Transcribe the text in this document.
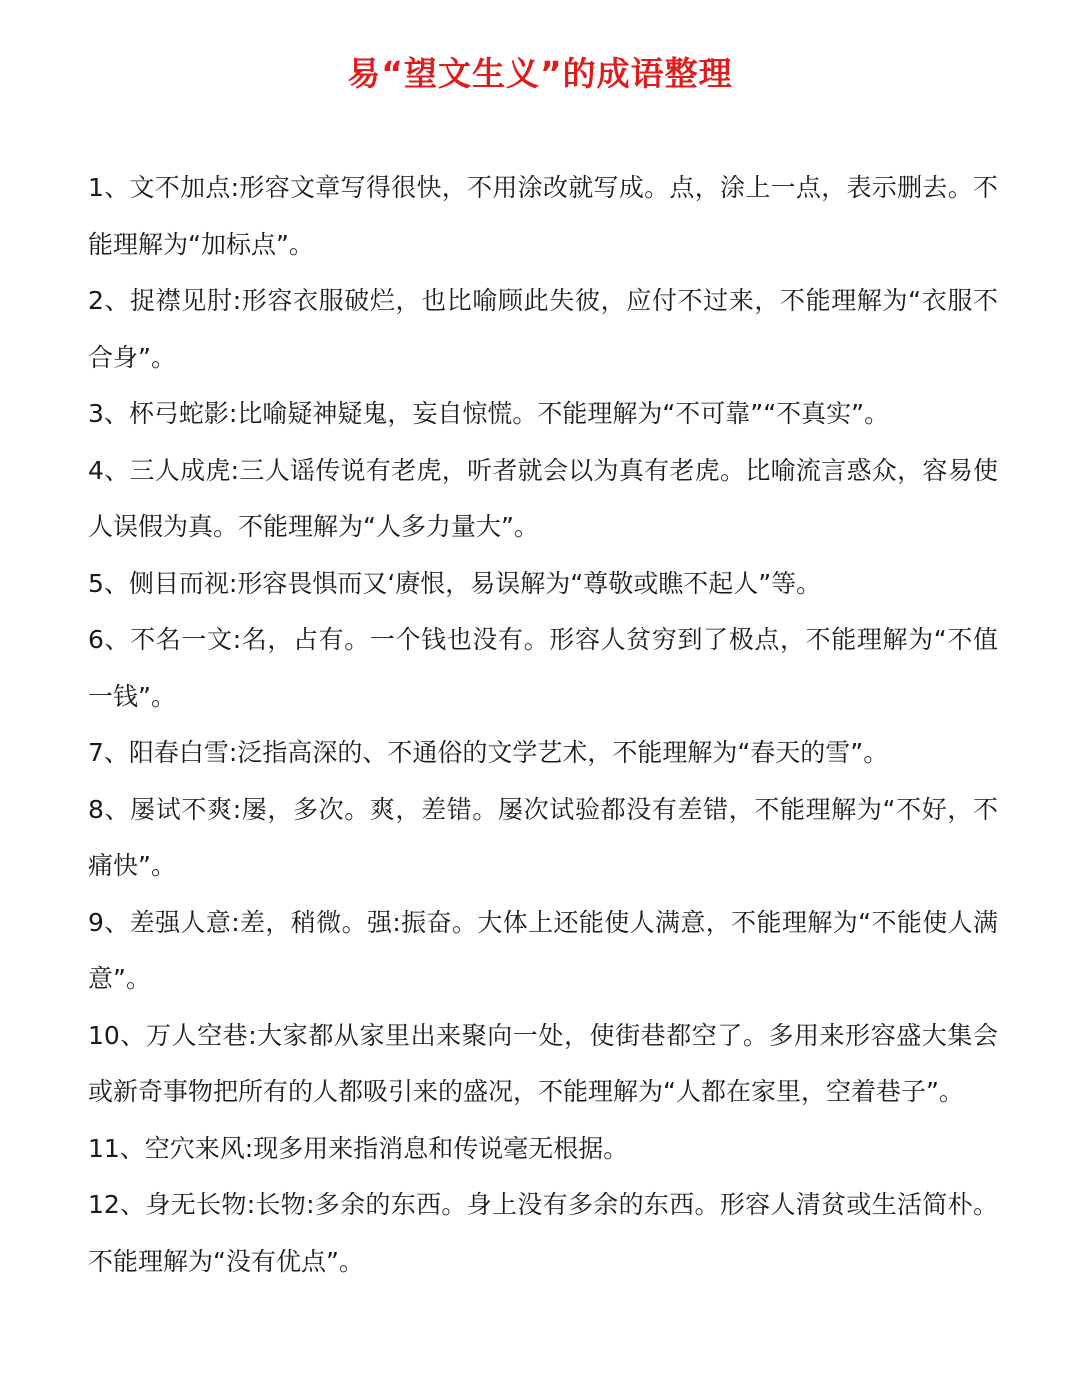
易“望文生义”的成语整理

1、文不加点:形容文章写得很快，不用涂改就写成。点，涂上一点，表示删去。不能理解为“加标点”。

2、捉襟见肘:形容衣服破烂，也比喻顾此失彼，应付不过来，不能理解为“衣服不合身”。

3、杯弓蛇影:比喻疑神疑鬼，妄自惊慌。不能理解为“不可靠”“不真实”。

4、三人成虎:三人谣传说有老虎，听者就会以为真有老虎。比喻流言惑众，容易使人误假为真。不能理解为“人多力量大”。

5、侧目而视:形容畏惧而又‘赓恨，易误解为“尊敬或瞧不起人”等。

6、不名一文:名，占有。一个钱也没有。形容人贫穷到了极点，不能理解为“不值一钱”。

7、阳春白雪:泛指高深的、不通俗的文学艺术，不能理解为“春天的雪”。

8、屡试不爽:屡，多次。爽，差错。屡次试验都没有差错，不能理解为“不好，不痛快”。

9、差强人意:差，稍微。强:振奋。大体上还能使人满意，不能理解为“不能使人满意”。

10、万人空巷:大家都从家里出来聚向一处，使街巷都空了。多用来形容盛大集会或新奇事物把所有的人都吸引来的盛况，不能理解为“人都在家里，空着巷子”。

11、空穴来风:现多用来指消息和传说毫无根据。

12、身无长物:长物:多余的东西。身上没有多余的东西。形容人清贫或生活简朴。不能理解为“没有优点”。
